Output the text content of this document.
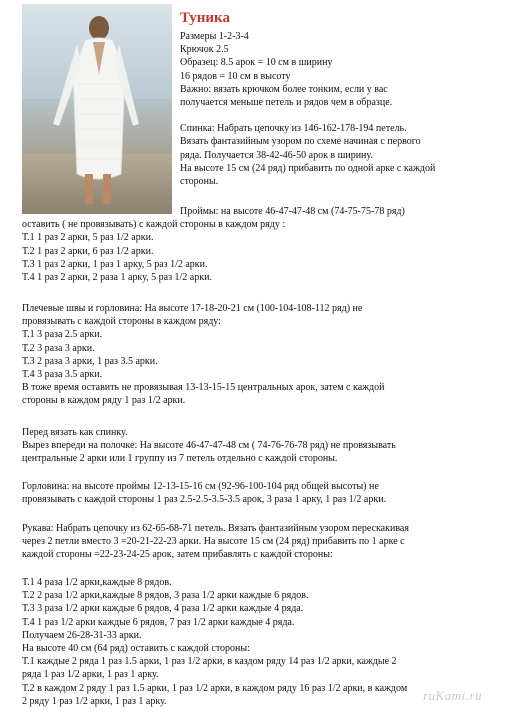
Туника
Размеры 1-2-3-4
Крючок 2.5
Образец: 8.5 арок = 10 см в ширину
16 рядов = 10 см в высоту
Важно: вязать крючком более тонким, если у вас
получается меньше петель и рядов чем в образце.
Спинка: Набрать цепочку из 146-162-178-194 петель.
Вязать фантазийным узором по схеме начиная с первого
ряда. Получается 38-42-46-50 арок в ширину.
На высоте 15 см (24 ряд) прибавить по одной арке с каждой
стороны.
Проймы: на высоте 46-47-47-48 см (74-75-75-78 ряд)
оставить ( не провязывать) с каждой стороны в каждом ряду :
Т.1 1 раз 2 арки, 5 раз 1/2 арки.
Т.2 1 раз 2 арки, 6 раз 1/2 арки.
Т.3 1 раз 2 арки, 1 раз 1 арку, 5 раз 1/2 арки.
Т.4 1 раз 2 арки, 2 раза 1 арку, 5 раз 1/2 арки.
Плечевые швы и горловина: На высоте 17-18-20-21 см (100-104-108-112 ряд) не
провязывать с каждой стороны в каждом ряду:
Т.1 3 раза 2.5 арки.
Т.2 3 раза 3 арки.
Т.3 2 раза 3 арки, 1 раз 3.5 арки.
Т.4 3 раза 3.5 арки.
В тоже время оставить не провязывая 13-13-15-15 центральных арок, затем с каждой
стороны в каждом ряду 1 раз 1/2 арки.
Перед вязать как спинку.
Вырез впереди на полочке: На высоте 46-47-47-48 см ( 74-76-76-78 ряд) не провязывать
центральные 2 арки или 1 группу из 7 петель отдельно с каждой стороны.
Горловина: на высоте проймы 12-13-15-16 см (92-96-100-104 ряд общей высоты) не
провязывать с каждой стороны 1 раз 2.5-2.5-3.5-3.5 арок, 3 раза 1 арку, 1 раз 1/2 арки.
Рукава: Набрать цепочку из 62-65-68-71 петель. Вязать фантазийным узором перескакивая
через 2 петли вместо 3 =20-21-22-23 арки. На высоте 15 см (24 ряд) прибавить по 1 арке с
каждой стороны =22-23-24-25 арок, затем прибавлять с каждой стороны:
Т.1 4 раза 1/2 арки,каждые 8 рядов.
Т.2 2 раза 1/2 арки,каждые 8 рядов, 3 раза 1/2 арки каждые 6 рядов.
Т.3 3 раза 1/2 арки каждые 6 рядов, 4 раза 1/2 арки каждые 4 ряда.
Т.4 1 раз 1/2 арки каждые 6 рядов, 7 раз 1/2 арки каждые 4 ряда.
Получаем 26-28-31-33 арки.
На высоте 40 см (64 ряд) оставить с каждой стороны:
Т.1 каждые 2 ряда 1 раз 1.5 арки, 1 раз 1/2 арки, в каздом ряду 14 раз 1/2 арки, каждые 2
ряда 1 раз 1/2 арки, 1 раз 1 арку.
Т.2 в каждом 2 ряду 1 раз 1.5 арки, 1 раз 1/2 арки, в каждом ряду 16 раз 1/2 арки, в каждом
2 ряду 1 раз 1/2 арки, 1 раз 1 арку.	ruKami.ru
